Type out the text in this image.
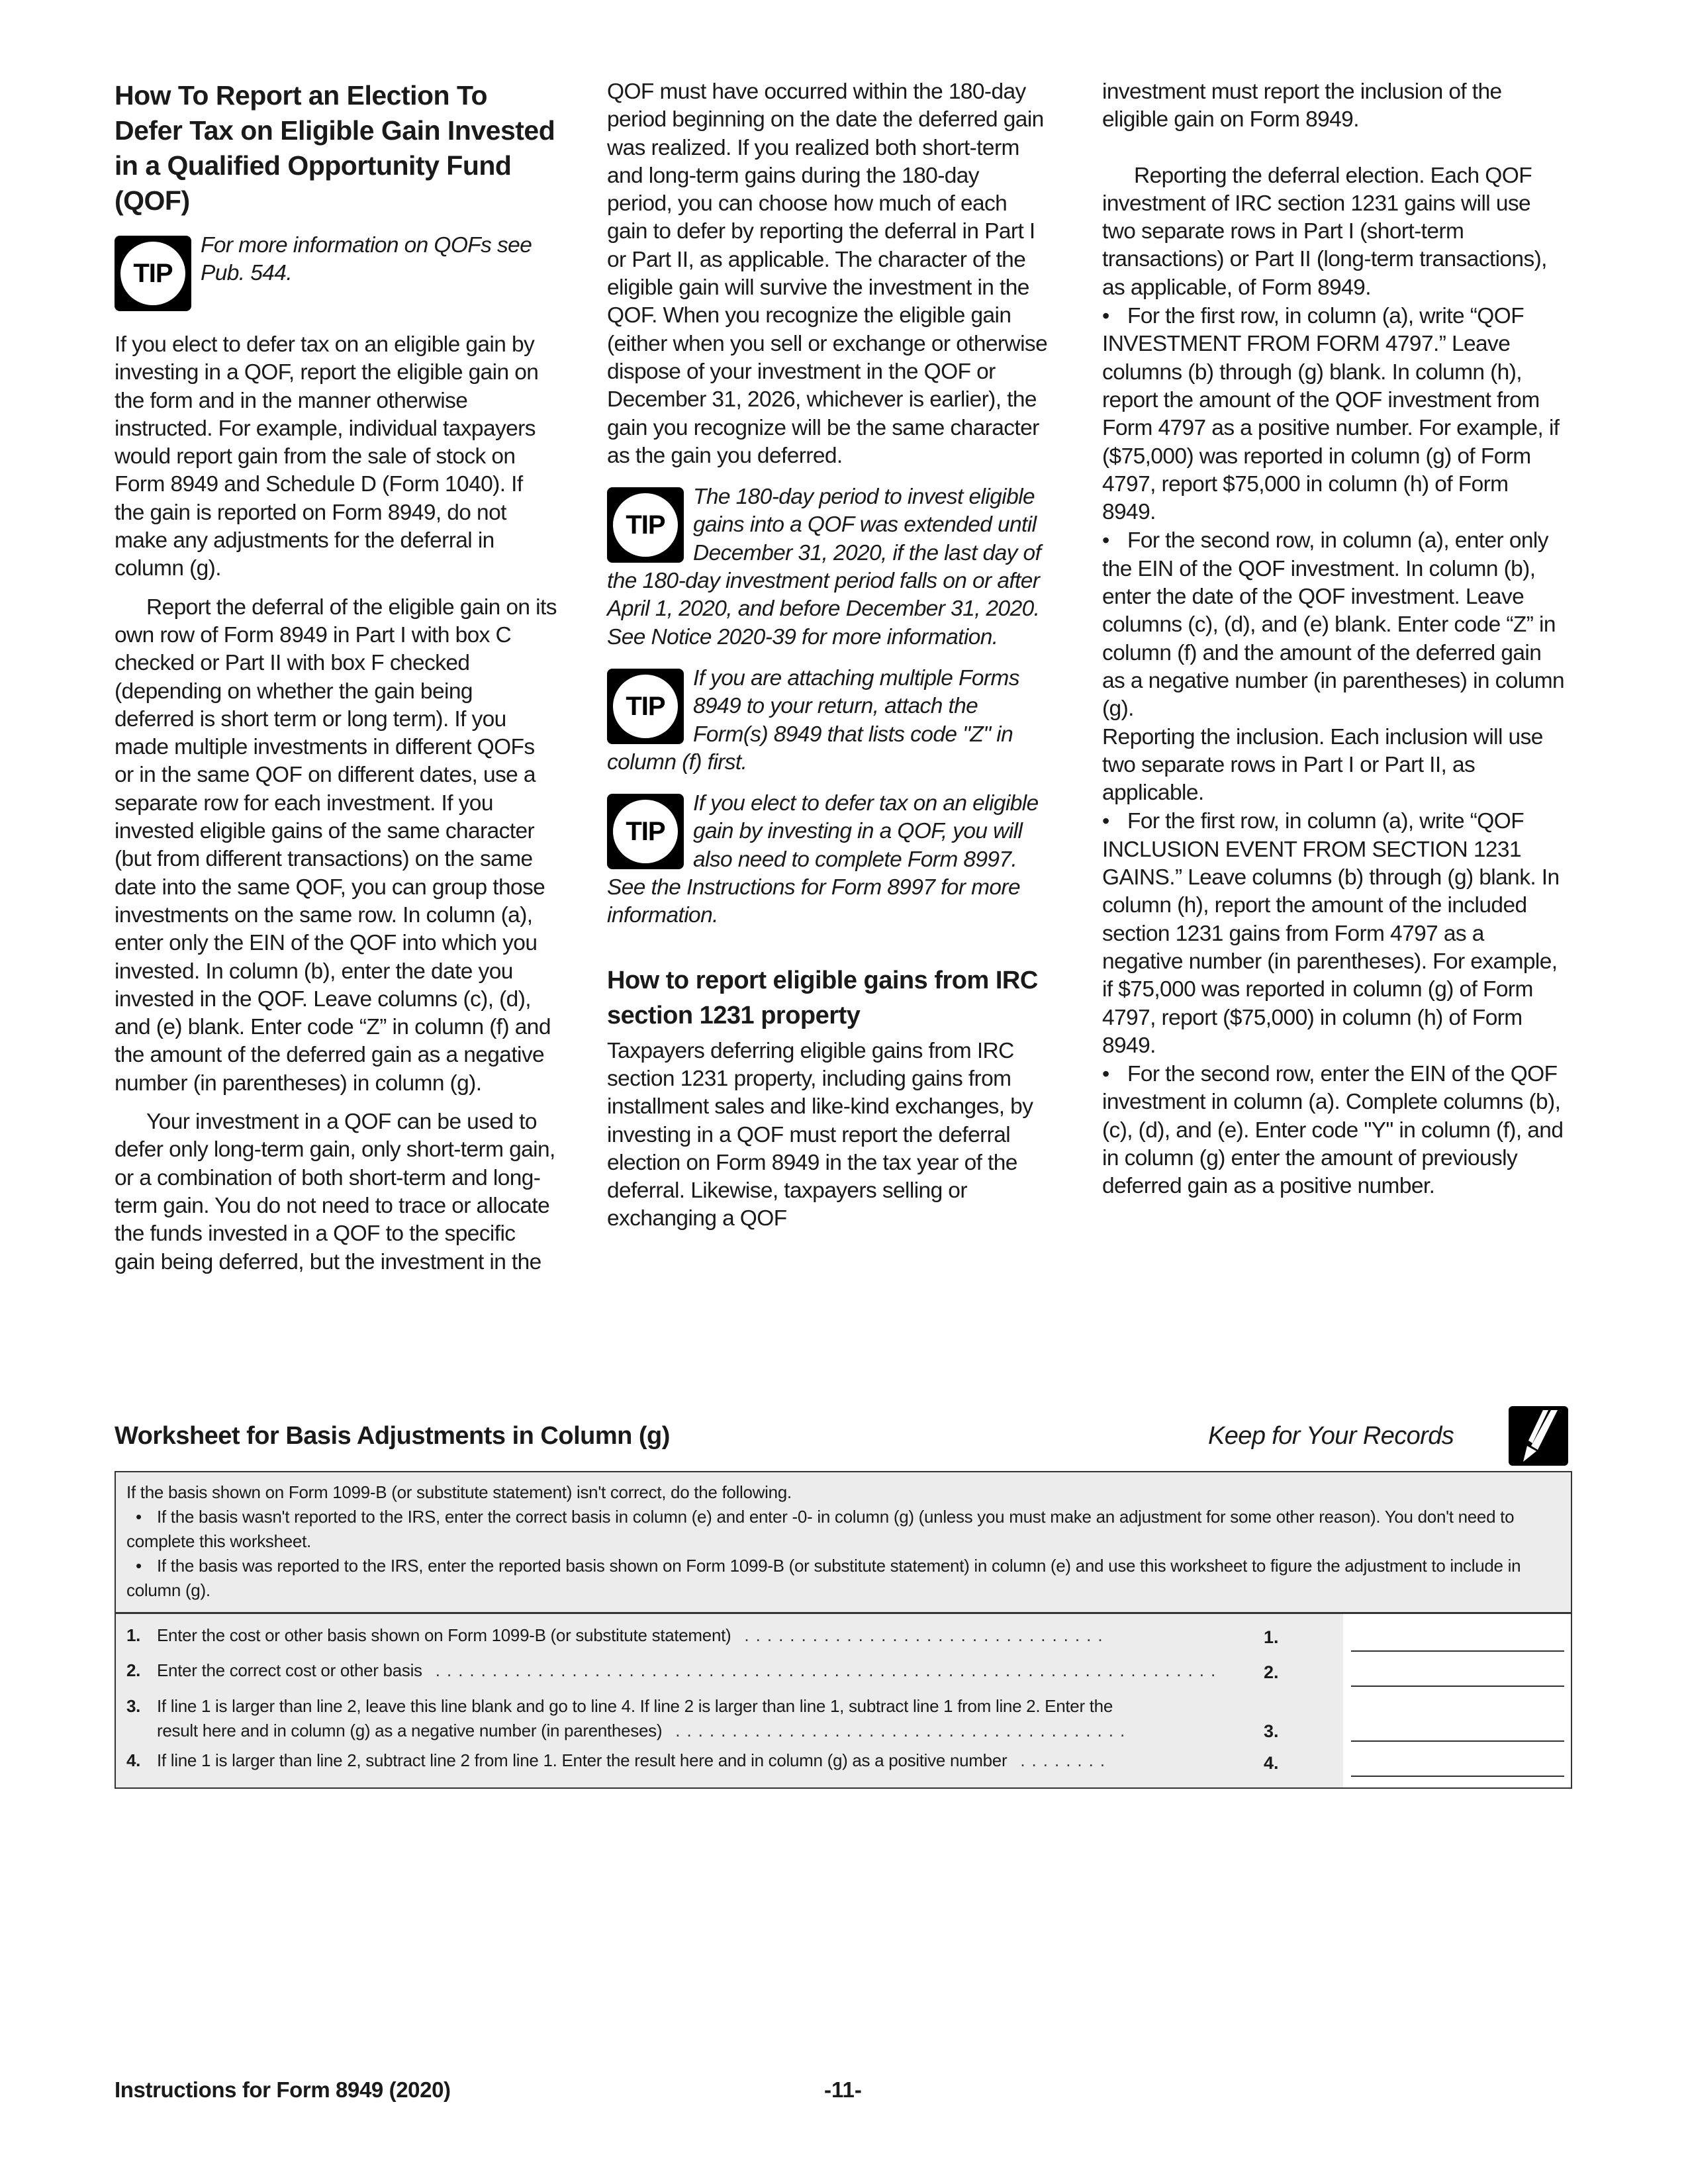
How To Report an Election To Defer Tax on Eligible Gain Invested in a Qualified Opportunity Fund (QOF)
TIP
For more information on QOFs see Pub. 544.

If you elect to defer tax on an eligible gain by investing in a QOF, report the eligible gain on the form and in the manner otherwise instructed. For example, individual taxpayers would report gain from the sale of stock on Form 8949 and Schedule D (Form 1040). If the gain is reported on Form 8949, do not make any adjustments for the deferral in column (g).

Report the deferral of the eligible gain on its own row of Form 8949 in Part I with box C checked or Part II with box F checked (depending on whether the gain being deferred is short term or long term). If you made multiple investments in different QOFs or in the same QOF on different dates, use a separate row for each investment. If you invested eligible gains of the same character (but from different transactions) on the same date into the same QOF, you can group those investments on the same row. In column (a), enter only the EIN of the QOF into which you invested. In column (b), enter the date you invested in the QOF. Leave columns (c), (d), and (e) blank. Enter code “Z” in column (f) and the amount of the deferred gain as a negative number (in parentheses) in column (g).

Your investment in a QOF can be used to defer only long-term gain, only short-term gain, or a combination of both short-term and long-term gain. You do not need to trace or allocate the funds invested in a QOF to the specific gain being deferred, but the investment in the

QOF must have occurred within the 180-day period beginning on the date the deferred gain was realized. If you realized both short-term and long-term gains during the 180-day period, you can choose how much of each gain to defer by reporting the deferral in Part I or Part II, as applicable. The character of the eligible gain will survive the investment in the QOF. When you recognize the eligible gain (either when you sell or exchange or otherwise dispose of your investment in the QOF or December 31, 2026, whichever is earlier), the gain you recognize will be the same character as the gain you deferred.

TIP
The 180-day period to invest eligible gains into a QOF was extended until December 31, 2020, if the last day of the 180-day investment period falls on or after April 1, 2020, and before December 31, 2020. See Notice 2020-39 for more information.
TIP
If you are attaching multiple Forms 8949 to your return, attach the Form(s) 8949 that lists code "Z" in column (f) first.
TIP
If you elect to defer tax on an eligible gain by investing in a QOF, you will also need to complete Form 8997. See the Instructions for Form 8997 for more information.
How to report eligible gains from IRC section 1231 property

Taxpayers deferring eligible gains from IRC section 1231 property, including gains from installment sales and like-kind exchanges, by investing in a QOF must report the deferral election on Form 8949 in the tax year of the deferral. Likewise, taxpayers selling or exchanging a QOF

investment must report the inclusion of the eligible gain on Form 8949.

Reporting the deferral election. Each QOF investment of IRC section 1231 gains will use two separate rows in Part I (short-term transactions) or Part II (long-term transactions), as applicable, of Form 8949.

• For the first row, in column (a), write “QOF INVESTMENT FROM FORM 4797.” Leave columns (b) through (g) blank. In column (h), report the amount of the QOF investment from Form 4797 as a positive number. For example, if ($75,000) was reported in column (g) of Form 4797, report $75,000 in column (h) of Form 8949.

• For the second row, in column (a), enter only the EIN of the QOF investment. In column (b), enter the date of the QOF investment. Leave columns (c), (d), and (e) blank. Enter code “Z” in column (f) and the amount of the deferred gain as a negative number (in parentheses) in column (g).

Reporting the inclusion. Each inclusion will use two separate rows in Part I or Part II, as applicable.

• For the first row, in column (a), write “QOF INCLUSION EVENT FROM SECTION 1231 GAINS.” Leave columns (b) through (g) blank. In column (h), report the amount of the included section 1231 gains from Form 4797 as a negative number (in parentheses). For example, if $75,000 was reported in column (g) of Form 4797, report ($75,000) in column (h) of Form 8949.

• For the second row, enter the EIN of the QOF investment in column (a). Complete columns (b), (c), (d), and (e). Enter code "Y" in column (f), and in column (g) enter the amount of previously deferred gain as a positive number.

Worksheet for Basis Adjustments in Column (g)	Keep for Your Records
If the basis shown on Form 1099-B (or substitute statement) isn't correct, do the following.
• If the basis wasn't reported to the IRS, enter the correct basis in column (e) and enter -0- in column (g) (unless you must make an adjustment for some other reason). You don't need to complete this worksheet.
• If the basis was reported to the IRS, enter the reported basis shown on Form 1099-B (or substitute statement) in column (e) and use this worksheet to figure the adjustment to include in column (g).
1. Enter the cost or other basis shown on Form 1099-B (or substitute statement) ................................	1.
2. Enter the correct cost or other basis ..................................................................... 2.
3. If line 1 is larger than line 2, leave this line blank and go to line 4. If line 2 is larger than line 1, subtract line 1 from line 2. Enter the
result here and in column (g) as a negative number (in parentheses) ........................................	3.
4. If line 1 is larger than line 2, subtract line 2 from line 1. Enter the result here and in column (g) as a positive number ........	4.
Instructions for Form 8949 (2020)	-11-
